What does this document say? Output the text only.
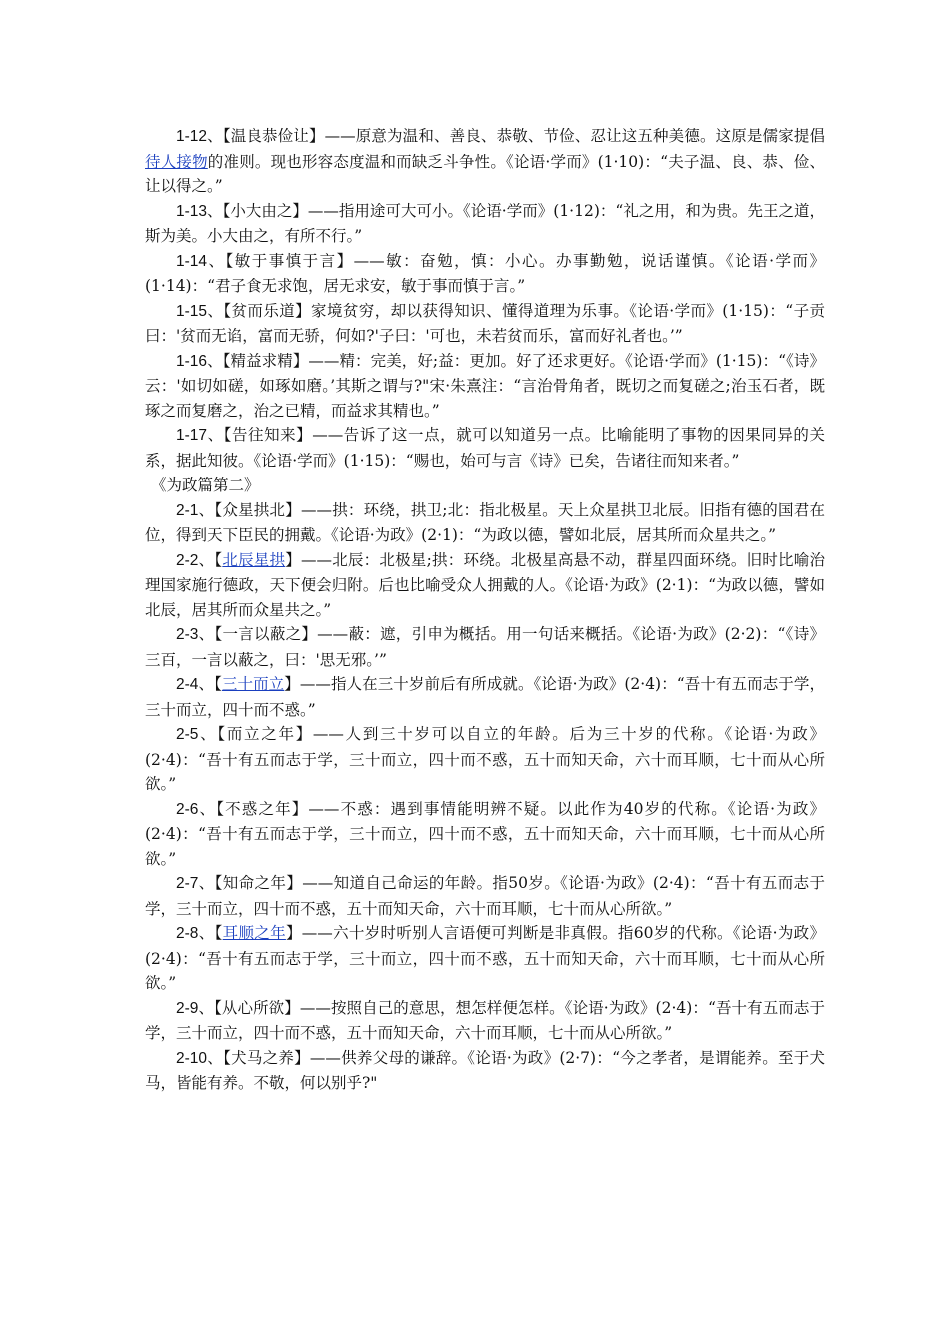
1-12、【温良恭俭让】——原意为温和、善良、恭敬、节俭、忍让这五种美德。这原是儒家提倡待人接物的准则。现也形容态度温和而缺乏斗争性。《论语·学而》(1·10)：“夫子温、良、恭、俭、让以得之。”

1-13、【小大由之】——指用途可大可小。《论语·学而》(1·12)：“礼之用，和为贵。先王之道，斯为美。小大由之，有所不行。”

1-14、【敏于事慎于言】——敏：奋勉，慎：小心。办事勤勉，说话谨慎。《论语·学而》(1·14)：“君子食无求饱，居无求安，敏于事而慎于言。”

1-15、【贫而乐道】家境贫穷，却以获得知识、懂得道理为乐事。《论语·学而》(1·15)：“子贡曰：'贫而无谄，富而无骄，何如?'子曰：'可也，未若贫而乐，富而好礼者也。’”

1-16、【精益求精】——精：完美，好;益：更加。好了还求更好。《论语·学而》(1·15)：“《诗》云：'如切如磋，如琢如磨。’其斯之谓与?"宋·朱熹注：“言治骨角者，既切之而复磋之;治玉石者，既琢之而复磨之，治之已精，而益求其精也。”

1-17、【告往知来】——告诉了这一点，就可以知道另一点。比喻能明了事物的因果同异的关系，据此知彼。《论语·学而》(1·15)：“赐也，始可与言《诗》已矣，告诸往而知来者。”

《为政篇第二》

2-1、【众星拱北】——拱：环绕，拱卫;北：指北极星。天上众星拱卫北辰。旧指有德的国君在位，得到天下臣民的拥戴。《论语·为政》(2·1)：“为政以德，譬如北辰，居其所而众星共之。”

2-2、【北辰星拱】——北辰：北极星;拱：环绕。北极星高悬不动，群星四面环绕。旧时比喻治理国家施行德政，天下便会归附。后也比喻受众人拥戴的人。《论语·为政》(2·1)：“为政以德，譬如北辰，居其所而众星共之。”

2-3、【一言以蔽之】——蔽：遮，引申为概括。用一句话来概括。《论语·为政》(2·2)：“《诗》三百，一言以蔽之，曰：'思无邪。’”

2-4、【三十而立】——指人在三十岁前后有所成就。《论语·为政》(2·4)：“吾十有五而志于学，三十而立，四十而不惑。”

2-5、【而立之年】——人到三十岁可以自立的年龄。后为三十岁的代称。《论语·为政》(2·4)：“吾十有五而志于学，三十而立，四十而不惑，五十而知天命，六十而耳顺，七十而从心所欲。”

2-6、【不惑之年】——不惑：遇到事情能明辨不疑。以此作为40岁的代称。《论语·为政》(2·4)：“吾十有五而志于学，三十而立，四十而不惑，五十而知天命，六十而耳顺，七十而从心所欲。”

2-7、【知命之年】——知道自己命运的年龄。指50岁。《论语·为政》(2·4)：“吾十有五而志于学，三十而立，四十而不惑，五十而知天命，六十而耳顺，七十而从心所欲。”

2-8、【耳顺之年】——六十岁时听别人言语便可判断是非真假。指60岁的代称。《论语·为政》(2·4)：“吾十有五而志于学，三十而立，四十而不惑，五十而知天命，六十而耳顺，七十而从心所欲。”

2-9、【从心所欲】——按照自己的意思，想怎样便怎样。《论语·为政》(2·4)：“吾十有五而志于学，三十而立，四十而不惑，五十而知天命，六十而耳顺，七十而从心所欲。”

2-10、【犬马之养】——供养父母的谦辞。《论语·为政》(2·7)：“今之孝者，是谓能养。至于犬马，皆能有养。不敬，何以别乎?"
